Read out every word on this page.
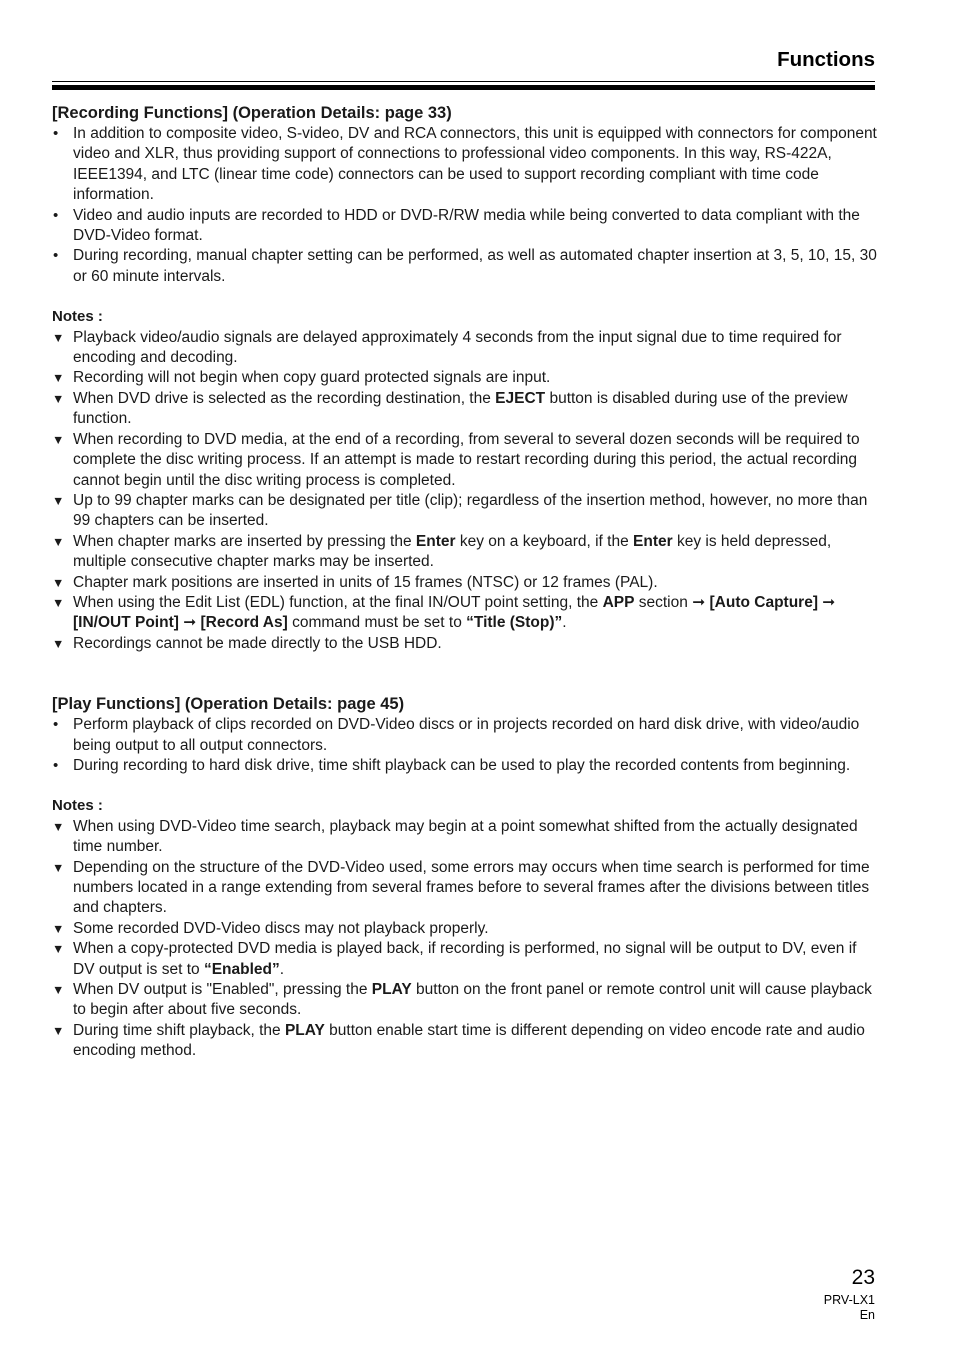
Functions

[Recording Functions] (Operation Details: page 33)

• In addition to composite video, S-video, DV and RCA connectors, this unit is equipped with connectors for component video and XLR, thus providing support of connections to professional video components. In this way, RS-422A, IEEE1394, and LTC (linear time code) connectors can be used to support recording compliant with time code information.
• Video and audio inputs are recorded to HDD or DVD-R/RW media while being converted to data compliant with the DVD-Video format.
• During recording, manual chapter setting can be performed, as well as automated chapter insertion at 3, 5, 10, 15, 30 or 60 minute intervals.

Notes :

▼ Playback video/audio signals are delayed approximately 4 seconds from the input signal due to time required for encoding and decoding.
▼ Recording will not begin when copy guard protected signals are input.
▼ When DVD drive is selected as the recording destination, the EJECT button is disabled during use of the preview function.
▼ When recording to DVD media, at the end of a recording, from several to several dozen seconds will be required to complete the disc writing process. If an attempt is made to restart recording during this period, the actual recording cannot begin until the disc writing process is completed.
▼ Up to 99 chapter marks can be designated per title (clip); regardless of the insertion method, however, no more than 99 chapters can be inserted.
▼ When chapter marks are inserted by pressing the Enter key on a keyboard, if the Enter key is held depressed, multiple consecutive chapter marks may be inserted.
▼ Chapter mark positions are inserted in units of 15 frames (NTSC) or 12 frames (PAL).
▼ When using the Edit List (EDL) function, at the final IN/OUT point setting, the APP section ➞ [Auto Capture] ➞ [IN/OUT Point] ➞ [Record As] command must be set to “Title (Stop)”.
▼ Recordings cannot be made directly to the USB HDD.

[Play Functions] (Operation Details: page 45)

• Perform playback of clips recorded on DVD-Video discs or in projects recorded on hard disk drive, with video/audio being output to all output connectors.
• During recording to hard disk drive, time shift playback can be used to play the recorded contents from beginning.

Notes :

▼ When using DVD-Video time search, playback may begin at a point somewhat shifted from the actually designated time number.
▼ Depending on the structure of the DVD-Video used, some errors may occurs when time search is performed for time numbers located in a range extending from several frames before to several frames after the divisions between titles and chapters.
▼ Some recorded DVD-Video discs may not playback properly.
▼ When a copy-protected DVD media is played back, if recording is performed, no signal will be output to DV, even if DV output is set to “Enabled”.
▼ When DV output is "Enabled", pressing the PLAY button on the front panel or remote control unit will cause playback to begin after about five seconds.
▼ During time shift playback, the PLAY button enable start time is different depending on video encode rate and audio encoding method.
23
PRV-LX1
En
